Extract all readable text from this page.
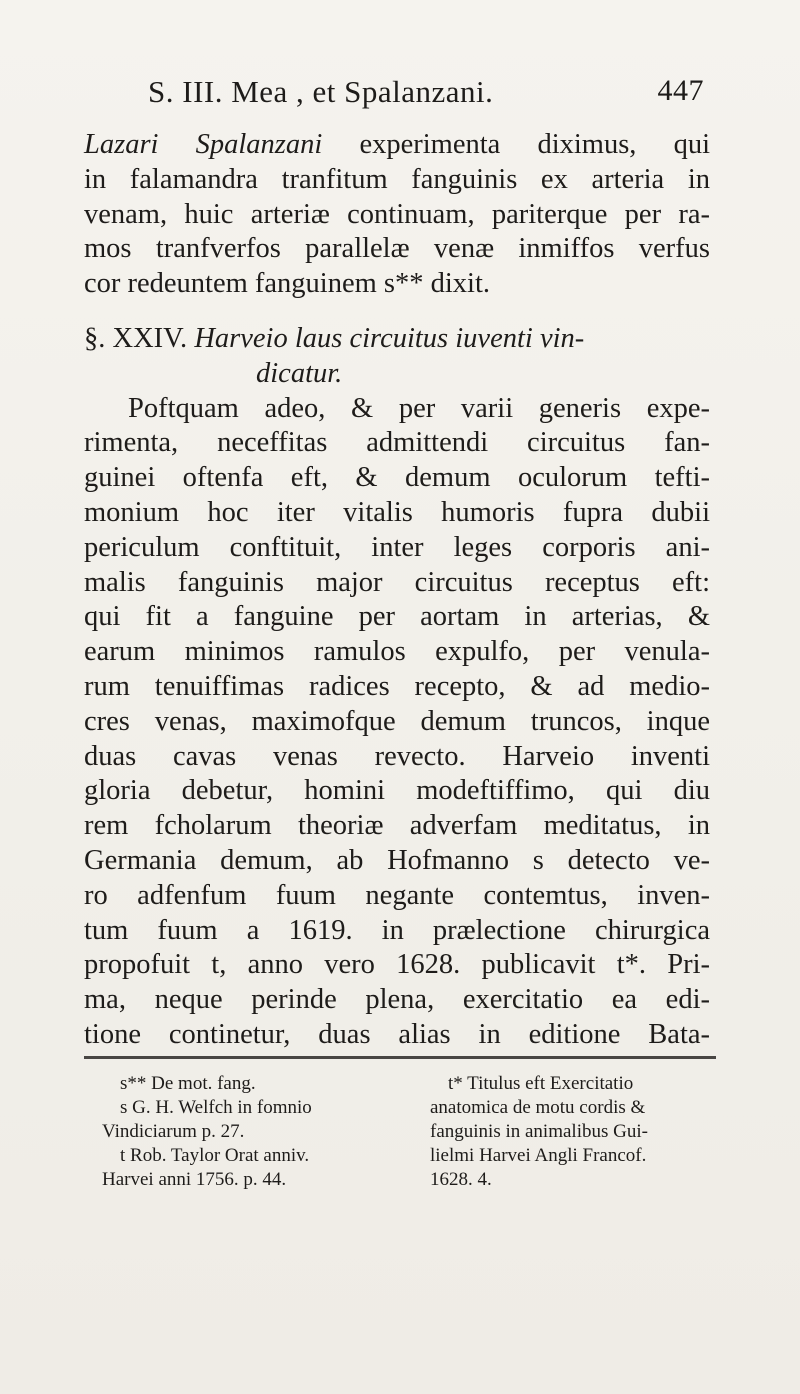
S. III. Mea , et Spalanzani.	447

Lazari Spalanzani experimenta diximus, qui
in falamandra tranfitum fanguinis ex arteria in
venam, huic arteriæ continuam, pariterque per ra-
mos tranfverfos parallelæ venæ inmiffos verfus
cor redeuntem fanguinem s** dixit.

§. XXIV. Harveio laus circuitus iuventi vin-
dicatur.

Poftquam adeo, & per varii generis expe-
rimenta, neceffitas admittendi circuitus fan-
guinei oftenfa eft, & demum oculorum tefti-
monium hoc iter vitalis humoris fupra dubii
periculum conftituit, inter leges corporis ani-
malis fanguinis major circuitus receptus eft:
qui fit a fanguine per aortam in arterias, &
earum minimos ramulos expulfo, per venula-
rum tenuiffimas radices recepto, & ad medio-
cres venas, maximofque demum truncos, inque
duas cavas venas revecto. Harveio inventi
gloria debetur, homini modeftiffimo, qui diu
rem fcholarum theoriæ adverfam meditatus, in
Germania demum, ab Hofmanno s detecto ve-
ro adfenfum fuum negante contemtus, inven-
tum fuum a 1619. in prælectione chirurgica
propofuit t, anno vero 1628. publicavit t*. Pri-
ma, neque perinde plena, exercitatio ea edi-
tione continetur, duas alias in editione Bata-

s** De mot. fang.
s G. H. Welfch in fomnio
Vindiciarum p. 27.
t Rob. Taylor Orat anniv.
Harvei anni 1756. p. 44.
t* Titulus eft Exercitatio
anatomica de motu cordis &
fanguinis in animalibus Gui-
lielmi Harvei Angli Francof.
1628. 4.
